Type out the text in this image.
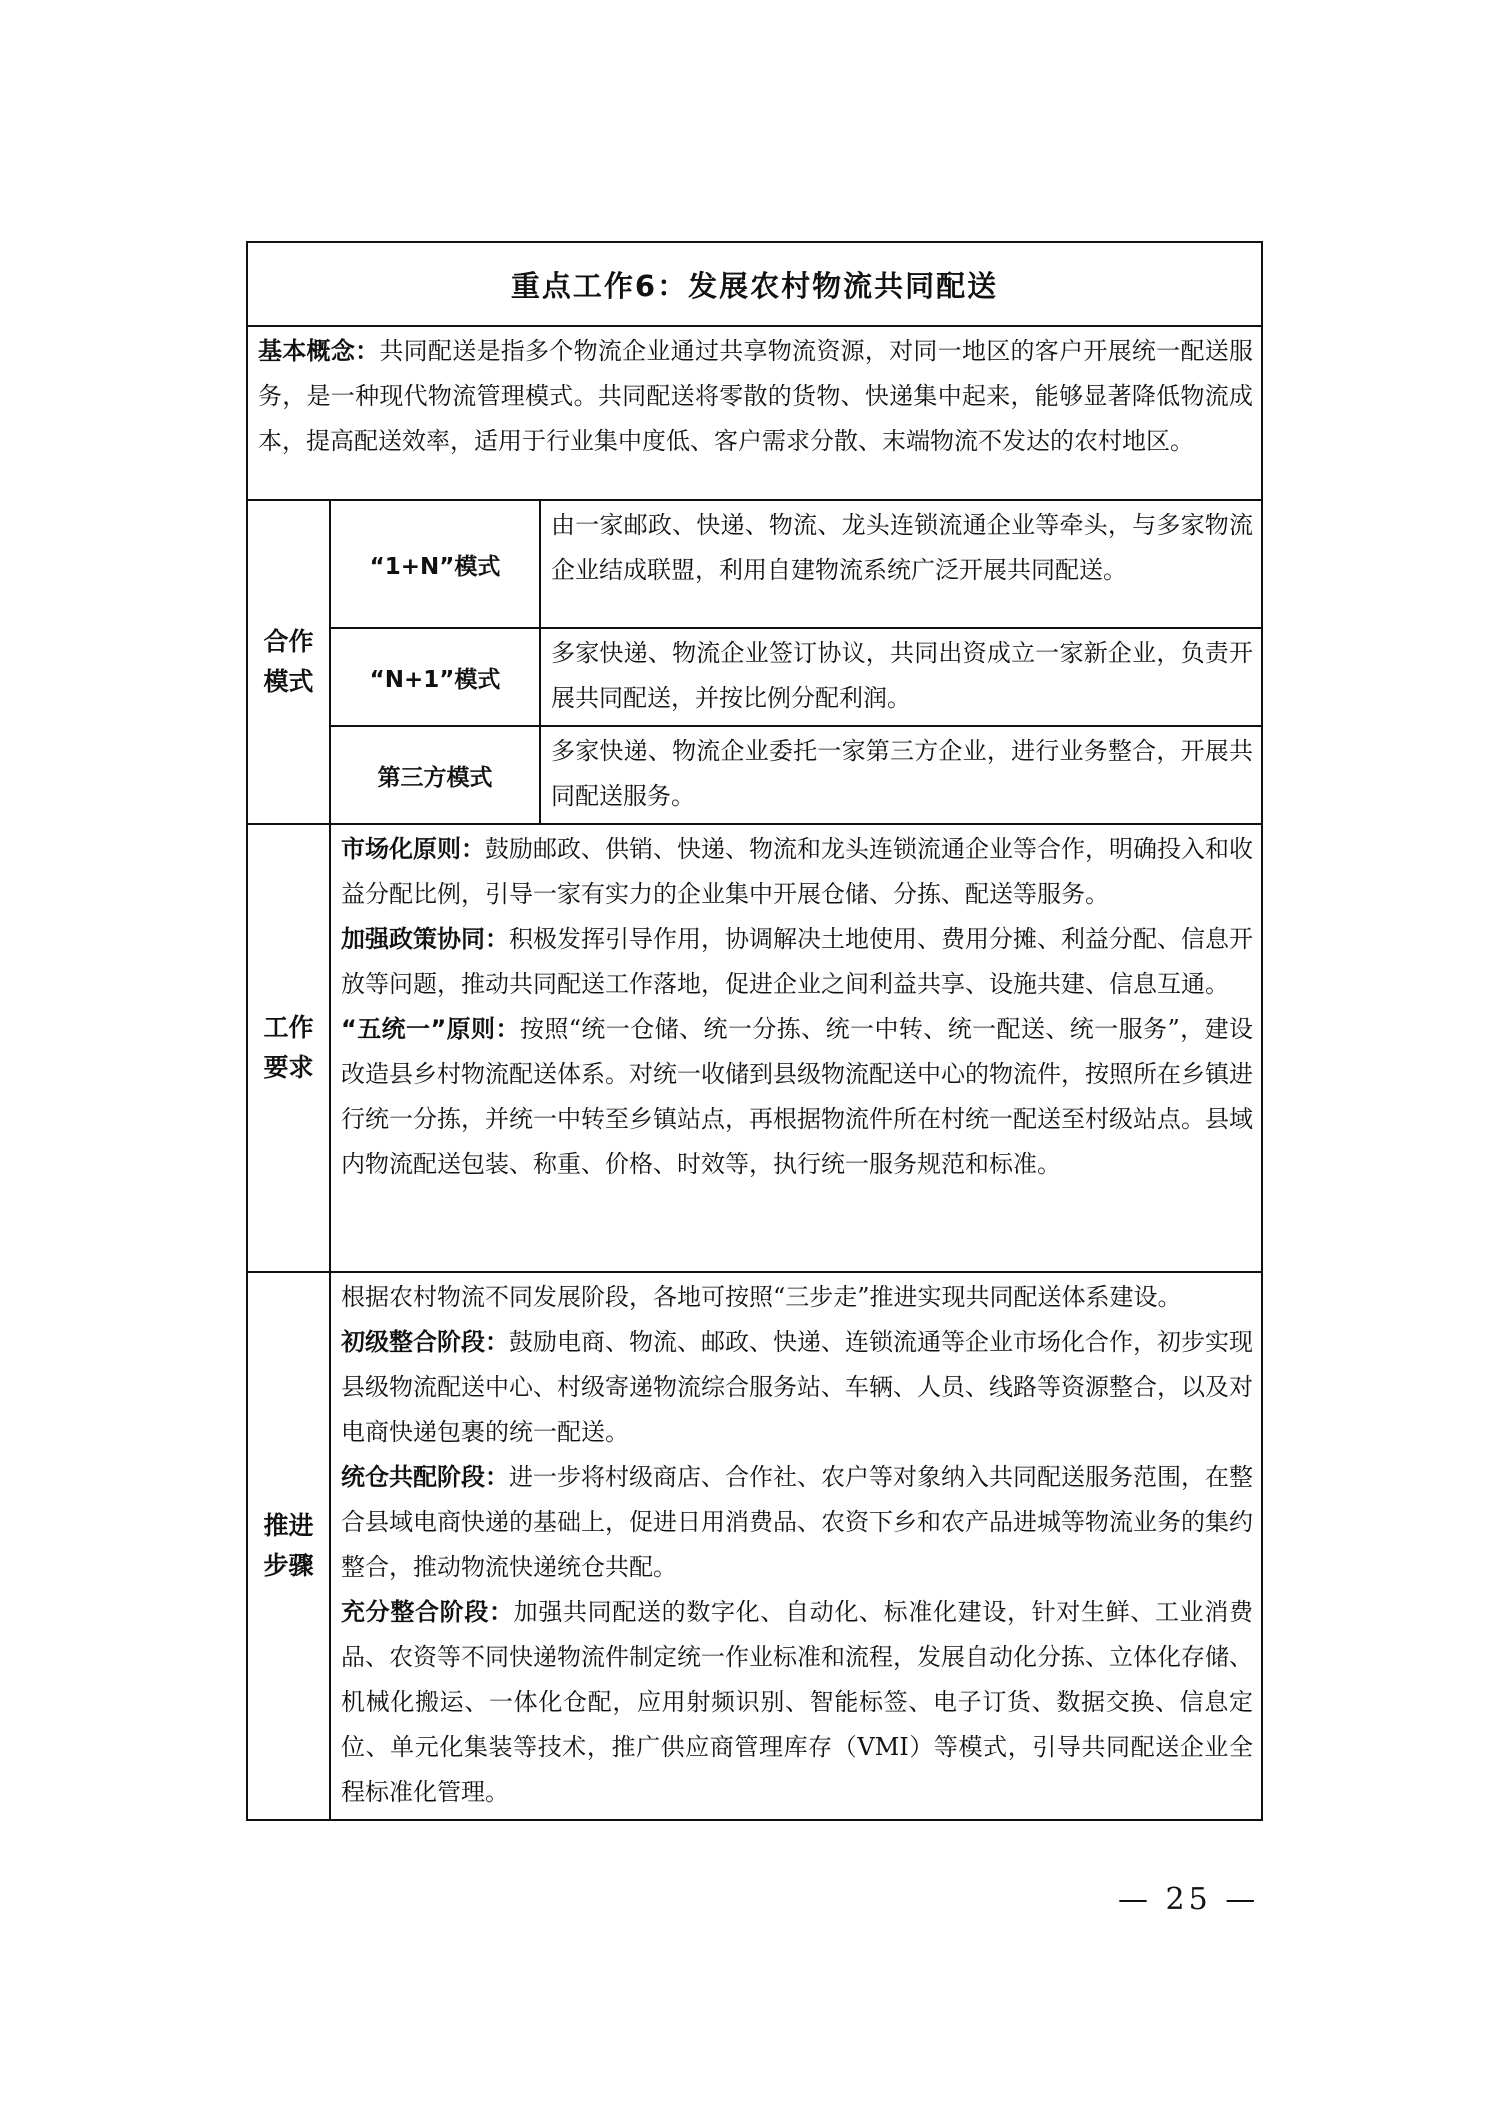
重点工作6：发展农村物流共同配送		
基本概念：共同配送是指多个物流企业通过共享物流资源，对同一地区的客户开展统一配送服务，是一种现代物流管理模式。共同配送将零散的货物、快递集中起来，能够显著降低物流成本，提高配送效率，适用于行业集中度低、客户需求分散、末端物流不发达的农村地区。		
合作
模式	“1+N”模式	由一家邮政、快递、物流、龙头连锁流通企业等牵头，与多家物流企业结成联盟，利用自建物流系统广泛开展共同配送。
	“N+1”模式	多家快递、物流企业签订协议，共同出资成立一家新企业，负责开展共同配送，并按比例分配利润。
	第三方模式	多家快递、物流企业委托一家第三方企业，进行业务整合，开展共同配送服务。
工作
要求	市场化原则：鼓励邮政、供销、快递、物流和龙头连锁流通企业等合作，明确投入和收益分配比例，引导一家有实力的企业集中开展仓储、分拣、配送等服务。
加强政策协同：积极发挥引导作用，协调解决土地使用、费用分摊、利益分配、信息开放等问题，推动共同配送工作落地，促进企业之间利益共享、设施共建、信息互通。
“五统一”原则：按照“统一仓储、统一分拣、统一中转、统一配送、统一服务”，建设改造县乡村物流配送体系。对统一收储到县级物流配送中心的物流件，按照所在乡镇进行统一分拣，并统一中转至乡镇站点，再根据物流件所在村统一配送至村级站点。县域内物流配送包装、称重、价格、时效等，执行统一服务规范和标准。	

推进
步骤	根据农村物流不同发展阶段，各地可按照“三步走”推进实现共同配送体系建设。
初级整合阶段：鼓励电商、物流、邮政、快递、连锁流通等企业市场化合作，初步实现县级物流配送中心、村级寄递物流综合服务站、车辆、人员、线路等资源整合，以及对电商快递包裹的统一配送。
统仓共配阶段：进一步将村级商店、合作社、农户等对象纳入共同配送服务范围，在整合县域电商快递的基础上，促进日用消费品、农资下乡和农产品进城等物流业务的集约整合，推动物流快递统仓共配。
充分整合阶段：加强共同配送的数字化、自动化、标准化建设，针对生鲜、工业消费品、农资等不同快递物流件制定统一作业标准和流程，发展自动化分拣、立体化存储、机械化搬运、一体化仓配，应用射频识别、智能标签、电子订货、数据交换、信息定位、单元化集装等技术，推广供应商管理库存（VMI）等模式，引导共同配送企业全程标准化管理。	
— 25 —
